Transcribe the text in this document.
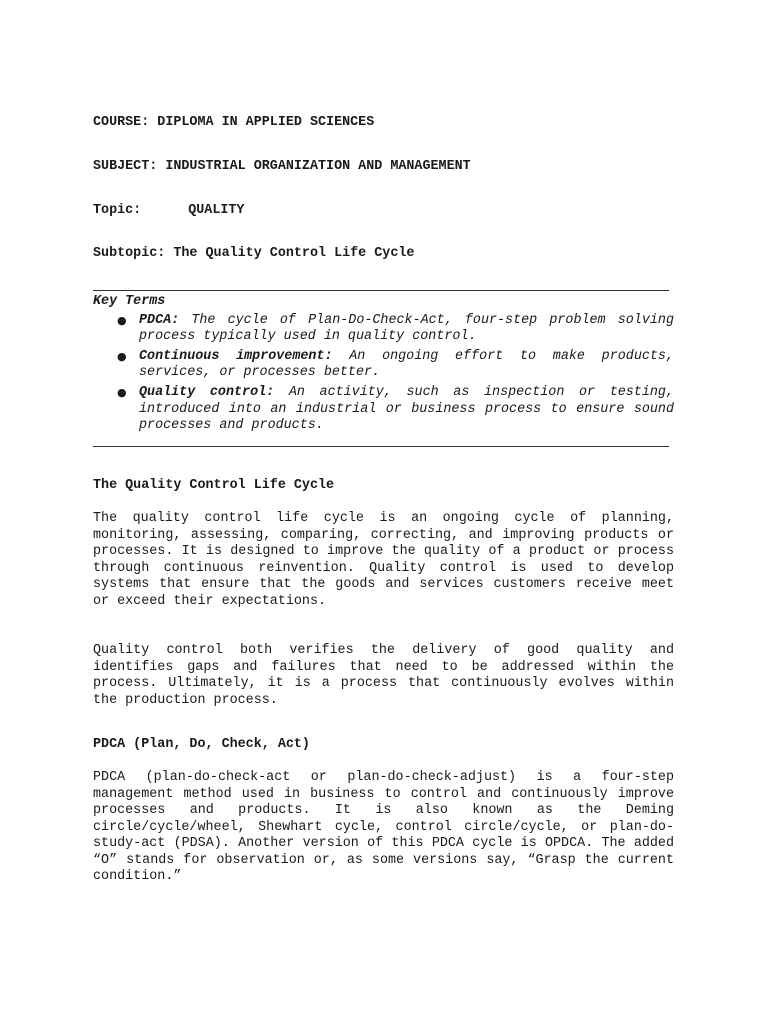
COURSE: DIPLOMA IN APPLIED SCIENCES
SUBJECT: INDUSTRIAL ORGANIZATION AND MANAGEMENT
Topic:	QUALITY
Subtopic: The Quality Control Life Cycle
Key Terms
● PDCA: The cycle of Plan-Do-Check-Act, four-step problem solving process typically used in quality control.
● Continuous improvement: An ongoing effort to make products, services, or processes better.
● Quality control: An activity, such as inspection or testing, introduced into an industrial or business process to ensure sound processes and products.
The Quality Control Life Cycle
The quality control life cycle is an ongoing cycle of planning, monitoring, assessing, comparing, correcting, and improving products or processes. It is designed to improve the quality of a product or process through continuous reinvention. Quality control is used to develop systems that ensure that the goods and services customers receive meet or exceed their expectations.
Quality control both verifies the delivery of good quality and identifies gaps and failures that need to be addressed within the process. Ultimately, it is a process that continuously evolves within the production process.
PDCA (Plan, Do, Check, Act)
PDCA (plan-do-check-act or plan-do-check-adjust) is a four-step management method used in business to control and continuously improve processes and products. It is also known as the Deming circle/cycle/wheel, Shewhart cycle, control circle/cycle, or plan-do-study-act (PDSA). Another version of this PDCA cycle is OPDCA. The added “O” stands for observation or, as some versions say, “Grasp the current condition.”
